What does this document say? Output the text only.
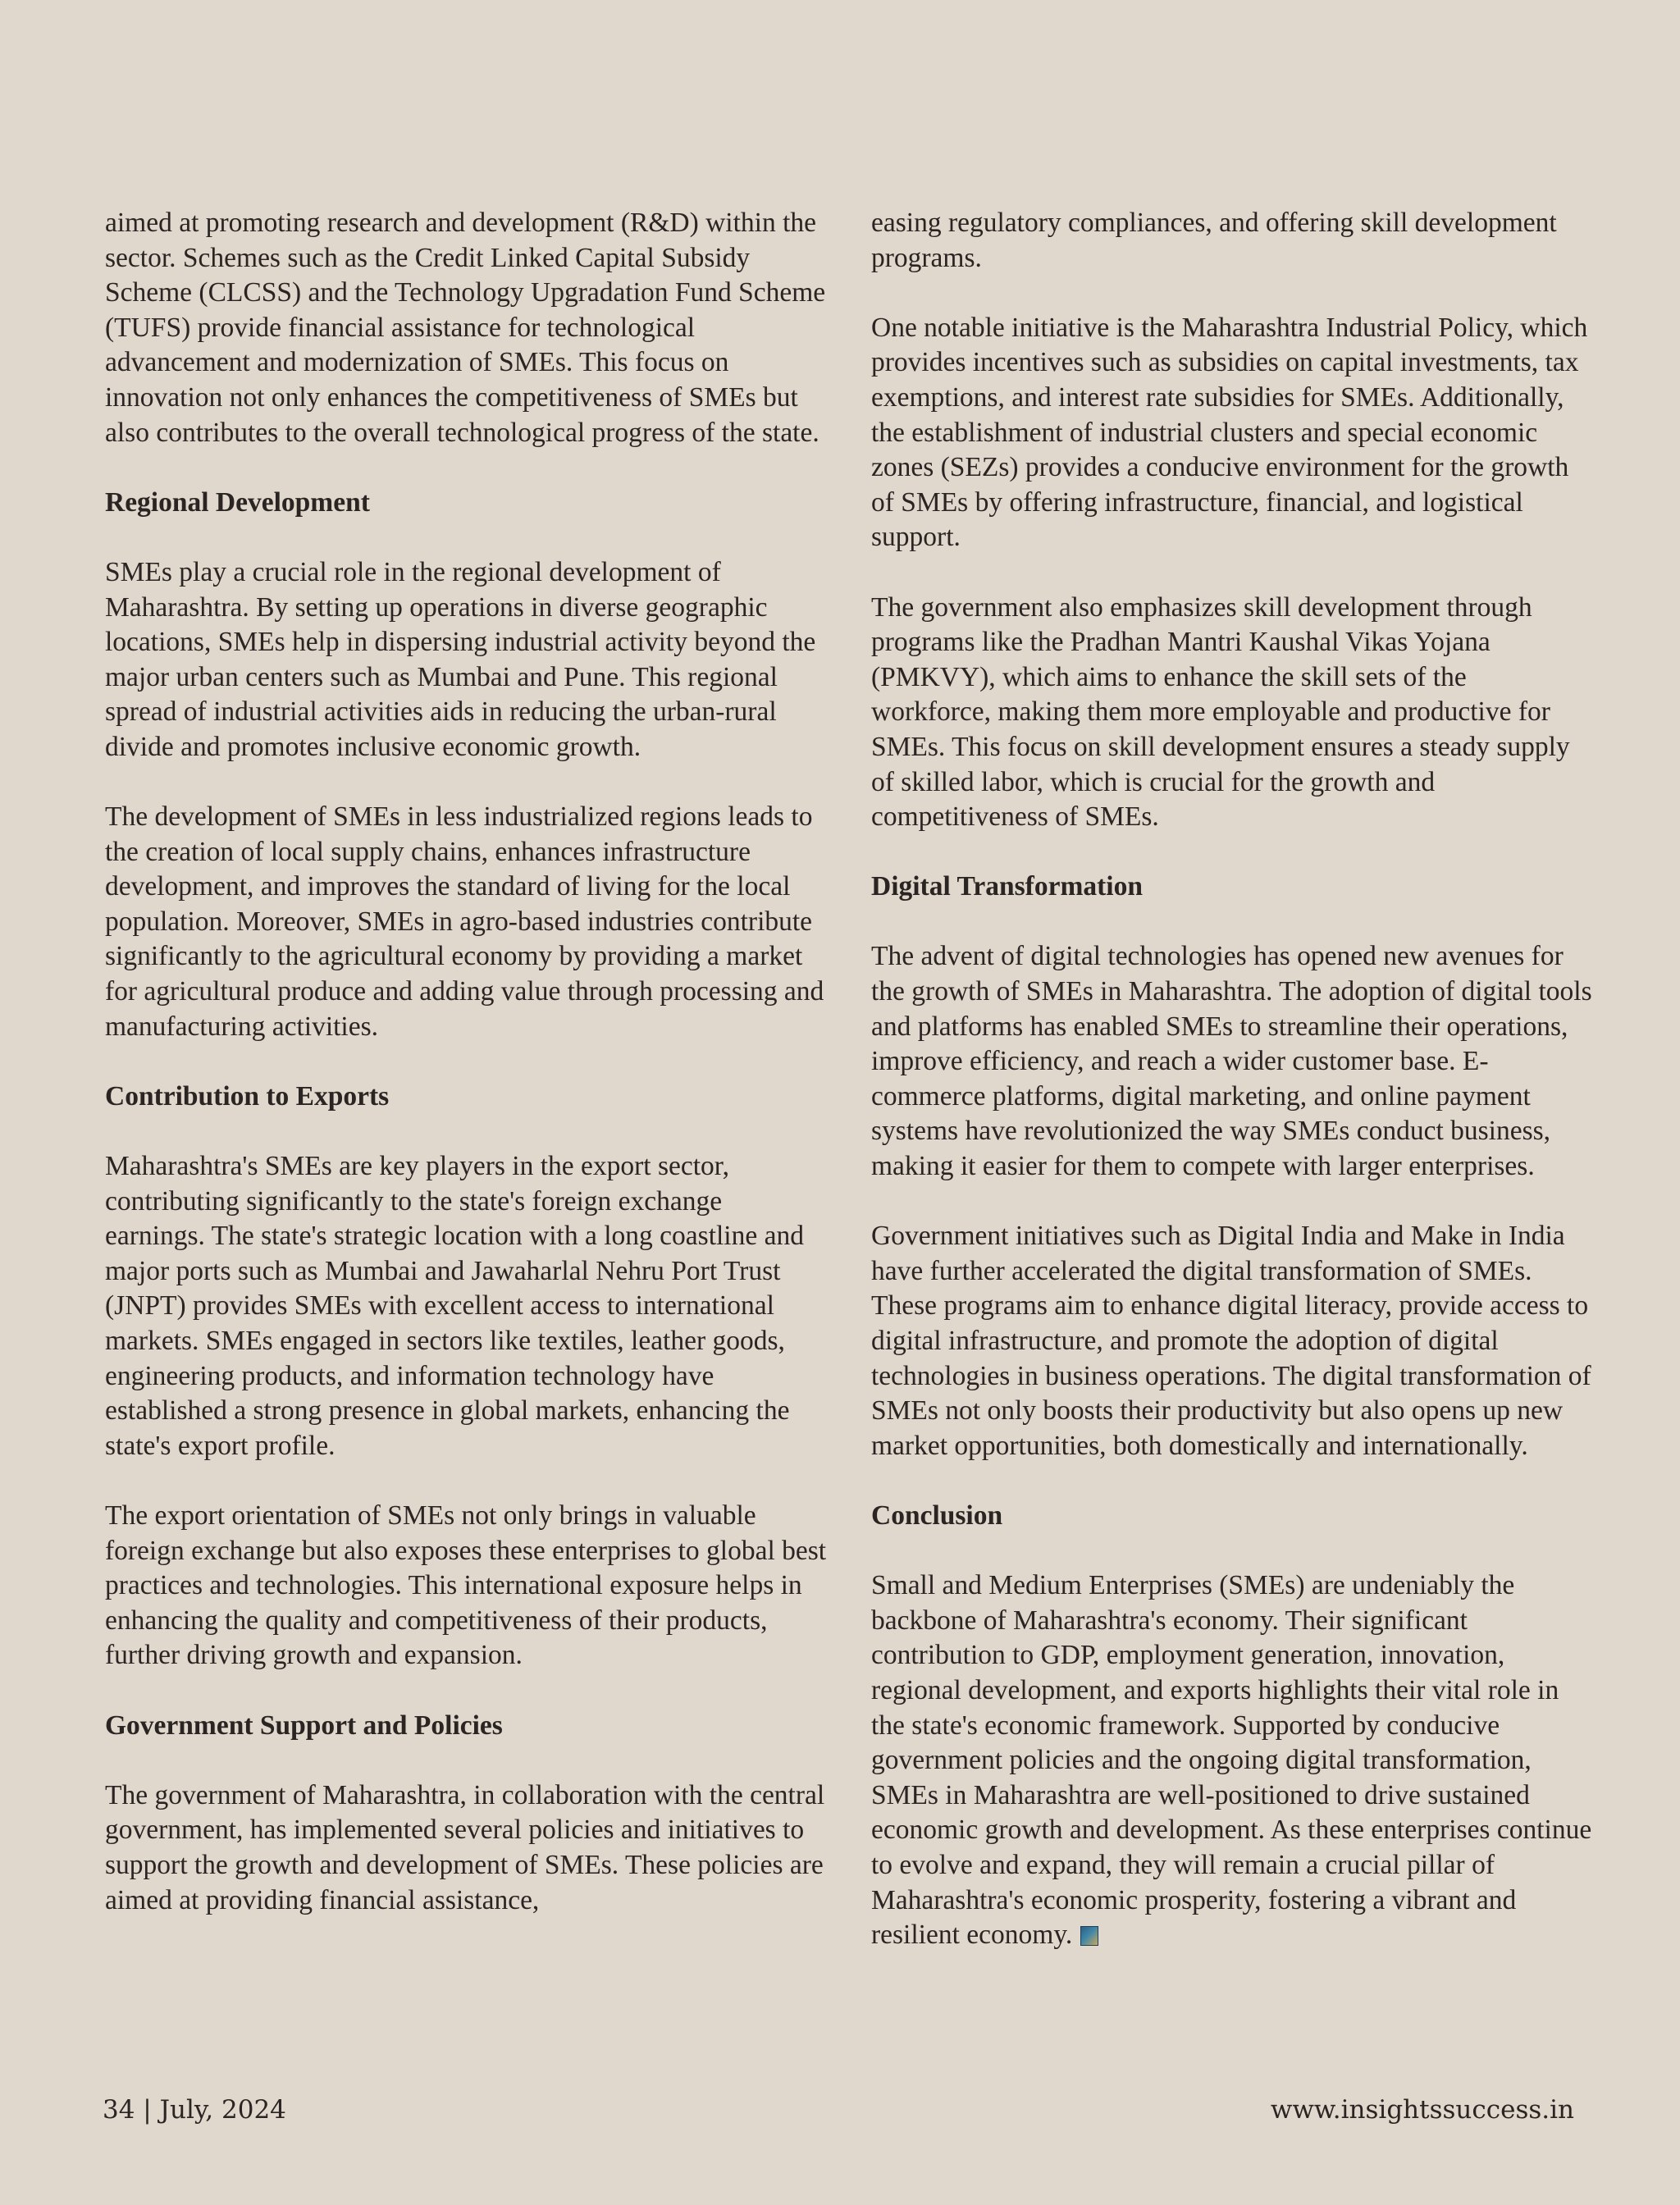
aimed at promoting research and development (R&D) within the sector. Schemes such as the Credit Linked Capital Subsidy Scheme (CLCSS) and the Technology Upgradation Fund Scheme (TUFS) provide financial assistance for technological advancement and modernization of SMEs. This focus on innovation not only enhances the competitiveness of SMEs but also contributes to the overall technological progress of the state.

Regional Development

SMEs play a crucial role in the regional development of Maharashtra. By setting up operations in diverse geographic locations, SMEs help in dispersing industrial activity beyond the major urban centers such as Mumbai and Pune. This regional spread of industrial activities aids in reducing the urban-rural divide and promotes inclusive economic growth.

The development of SMEs in less industrialized regions leads to the creation of local supply chains, enhances infrastructure development, and improves the standard of living for the local population. Moreover, SMEs in agro-based industries contribute significantly to the agricultural economy by providing a market for agricultural produce and adding value through processing and manufacturing activities.

Contribution to Exports

Maharashtra's SMEs are key players in the export sector, contributing significantly to the state's foreign exchange earnings. The state's strategic location with a long coastline and major ports such as Mumbai and Jawaharlal Nehru Port Trust (JNPT) provides SMEs with excellent access to international markets. SMEs engaged in sectors like textiles, leather goods, engineering products, and information technology have established a strong presence in global markets, enhancing the state's export profile.

The export orientation of SMEs not only brings in valuable foreign exchange but also exposes these enterprises to global best practices and technologies. This international exposure helps in enhancing the quality and competitiveness of their products, further driving growth and expansion.

Government Support and Policies

The government of Maharashtra, in collaboration with the central government, has implemented several policies and initiatives to support the growth and development of SMEs. These policies are aimed at providing financial assistance,

easing regulatory compliances, and offering skill development programs.

One notable initiative is the Maharashtra Industrial Policy, which provides incentives such as subsidies on capital investments, tax exemptions, and interest rate subsidies for SMEs. Additionally, the establishment of industrial clusters and special economic zones (SEZs) provides a conducive environment for the growth of SMEs by offering infrastructure, financial, and logistical support.

The government also emphasizes skill development through programs like the Pradhan Mantri Kaushal Vikas Yojana (PMKVY), which aims to enhance the skill sets of the workforce, making them more employable and productive for SMEs. This focus on skill development ensures a steady supply of skilled labor, which is crucial for the growth and competitiveness of SMEs.

Digital Transformation

The advent of digital technologies has opened new avenues for the growth of SMEs in Maharashtra. The adoption of digital tools and platforms has enabled SMEs to streamline their operations, improve efficiency, and reach a wider customer base. E-commerce platforms, digital marketing, and online payment systems have revolutionized the way SMEs conduct business, making it easier for them to compete with larger enterprises.

Government initiatives such as Digital India and Make in India have further accelerated the digital transformation of SMEs. These programs aim to enhance digital literacy, provide access to digital infrastructure, and promote the adoption of digital technologies in business operations. The digital transformation of SMEs not only boosts their productivity but also opens up new market opportunities, both domestically and internationally.

Conclusion

Small and Medium Enterprises (SMEs) are undeniably the backbone of Maharashtra's economy. Their significant contribution to GDP, employment generation, innovation, regional development, and exports highlights their vital role in the state's economic framework. Supported by conducive government policies and the ongoing digital transformation, SMEs in Maharashtra are well-positioned to drive sustained economic growth and development. As these enterprises continue to evolve and expand, they will remain a crucial pillar of Maharashtra's economic prosperity, fostering a vibrant and resilient economy.

34 | July, 2024	www.insightssuccess.in
